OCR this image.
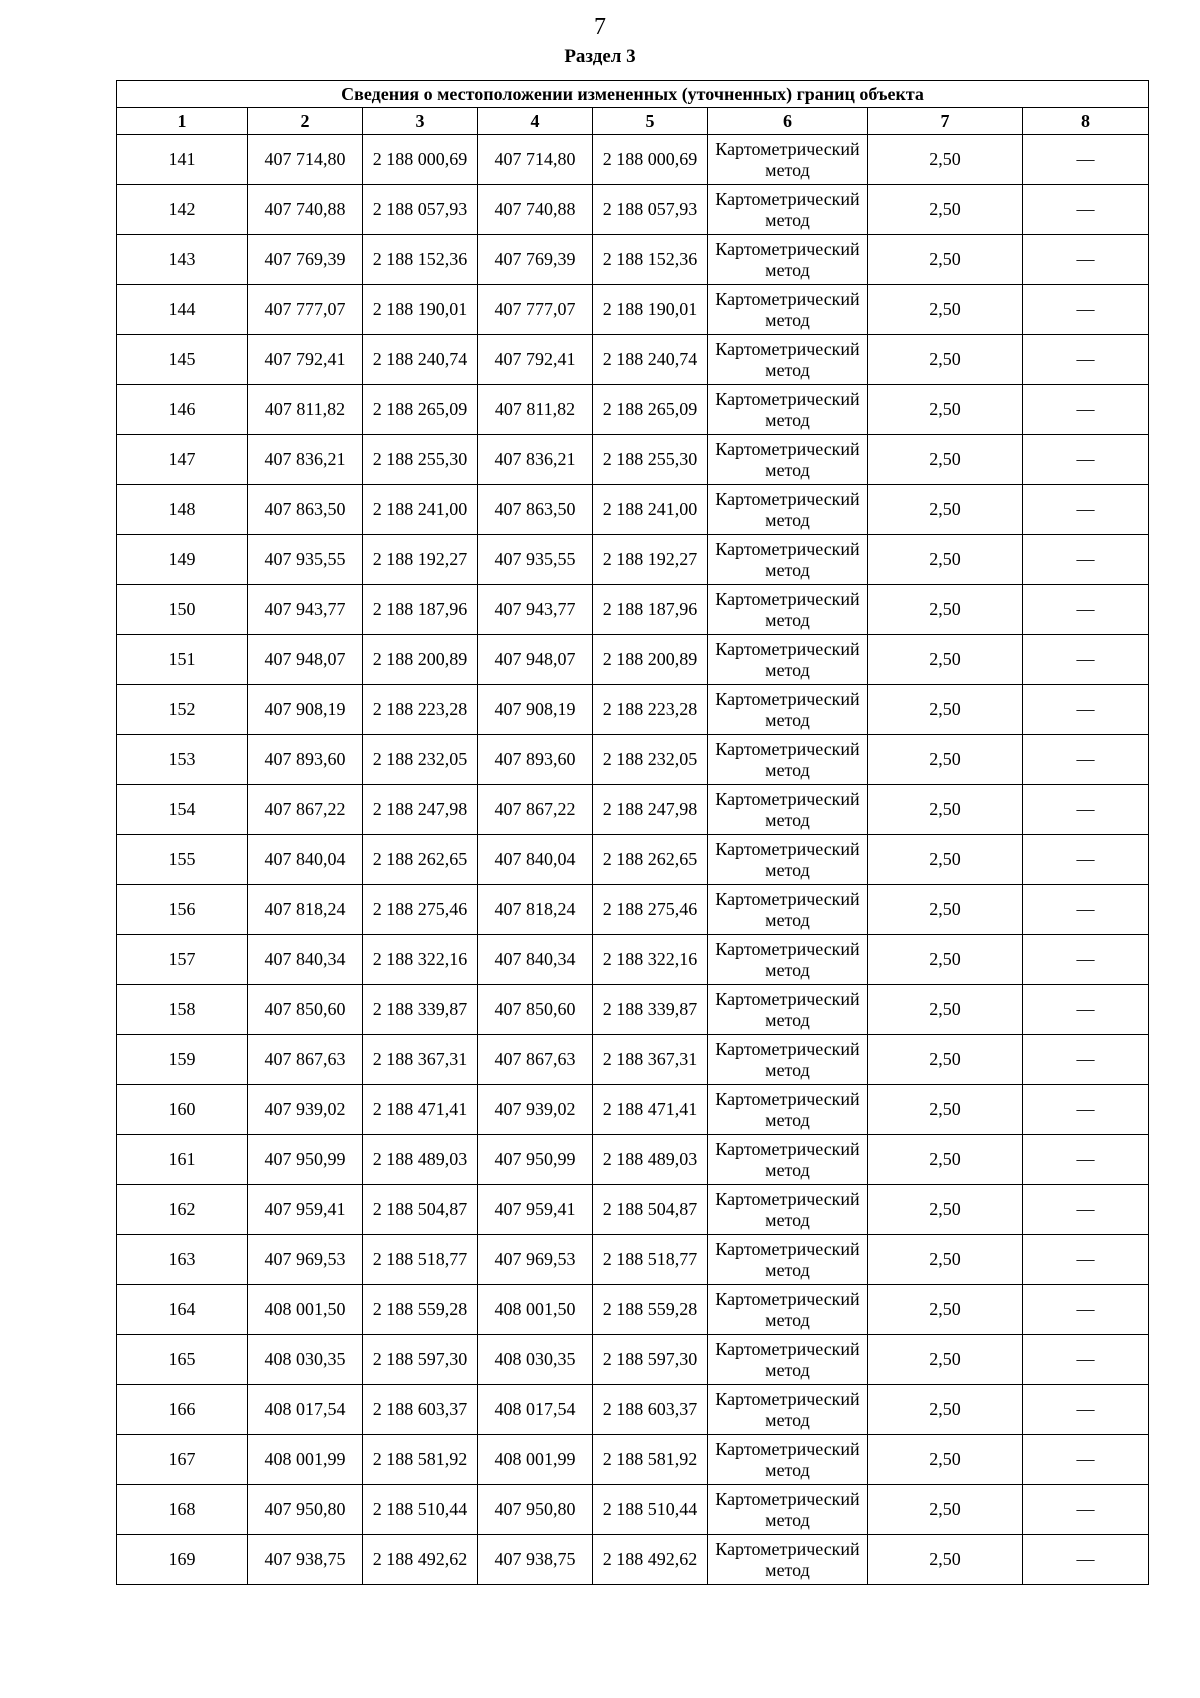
7
Раздел 3
Сведения о местоположении измененных (уточненных) границ объекта							
1	2	3	4	5	6	7	8
141	407 714,80	2 188 000,69	407 714,80	2 188 000,69	Картометрический метод	2,50	—
142	407 740,88	2 188 057,93	407 740,88	2 188 057,93	Картометрический метод	2,50	—
143	407 769,39	2 188 152,36	407 769,39	2 188 152,36	Картометрический метод	2,50	—
144	407 777,07	2 188 190,01	407 777,07	2 188 190,01	Картометрический метод	2,50	—
145	407 792,41	2 188 240,74	407 792,41	2 188 240,74	Картометрический метод	2,50	—
146	407 811,82	2 188 265,09	407 811,82	2 188 265,09	Картометрический метод	2,50	—
147	407 836,21	2 188 255,30	407 836,21	2 188 255,30	Картометрический метод	2,50	—
148	407 863,50	2 188 241,00	407 863,50	2 188 241,00	Картометрический метод	2,50	—
149	407 935,55	2 188 192,27	407 935,55	2 188 192,27	Картометрический метод	2,50	—
150	407 943,77	2 188 187,96	407 943,77	2 188 187,96	Картометрический метод	2,50	—
151	407 948,07	2 188 200,89	407 948,07	2 188 200,89	Картометрический метод	2,50	—
152	407 908,19	2 188 223,28	407 908,19	2 188 223,28	Картометрический метод	2,50	—
153	407 893,60	2 188 232,05	407 893,60	2 188 232,05	Картометрический метод	2,50	—
154	407 867,22	2 188 247,98	407 867,22	2 188 247,98	Картометрический метод	2,50	—
155	407 840,04	2 188 262,65	407 840,04	2 188 262,65	Картометрический метод	2,50	—
156	407 818,24	2 188 275,46	407 818,24	2 188 275,46	Картометрический метод	2,50	—
157	407 840,34	2 188 322,16	407 840,34	2 188 322,16	Картометрический метод	2,50	—
158	407 850,60	2 188 339,87	407 850,60	2 188 339,87	Картометрический метод	2,50	—
159	407 867,63	2 188 367,31	407 867,63	2 188 367,31	Картометрический метод	2,50	—
160	407 939,02	2 188 471,41	407 939,02	2 188 471,41	Картометрический метод	2,50	—
161	407 950,99	2 188 489,03	407 950,99	2 188 489,03	Картометрический метод	2,50	—
162	407 959,41	2 188 504,87	407 959,41	2 188 504,87	Картометрический метод	2,50	—
163	407 969,53	2 188 518,77	407 969,53	2 188 518,77	Картометрический метод	2,50	—
164	408 001,50	2 188 559,28	408 001,50	2 188 559,28	Картометрический метод	2,50	—
165	408 030,35	2 188 597,30	408 030,35	2 188 597,30	Картометрический метод	2,50	—
166	408 017,54	2 188 603,37	408 017,54	2 188 603,37	Картометрический метод	2,50	—
167	408 001,99	2 188 581,92	408 001,99	2 188 581,92	Картометрический метод	2,50	—
168	407 950,80	2 188 510,44	407 950,80	2 188 510,44	Картометрический метод	2,50	—
169	407 938,75	2 188 492,62	407 938,75	2 188 492,62	Картометрический метод	2,50	—
